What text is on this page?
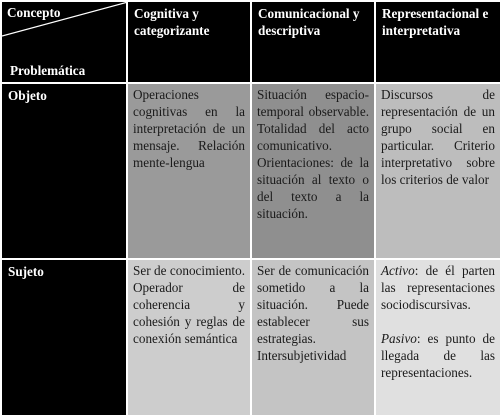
Concepto
Problemática	Cognitiva y categorizante	Comunicacional y descriptiva	Representacional e interpretativa
Objeto	Operaciones cognitivas en la interpretación de un mensaje. Relación mente-lengua	Situación espacio-temporal observable. Totalidad del acto comunicativo. Orientaciones: de la situación al texto o del texto a la situación.	Discursos de representación de un grupo social en particular. Criterio interpretativo sobre los criterios de valor
Sujeto	Ser de conocimiento. Operador de coherencia y cohesión y reglas de conexión semántica	Ser de comunicación sometido a la situación. Puede establecer sus estrategias. Intersubjetividad	Activo: de él parten las representaciones sociodiscursivas.
Pasivo: es punto de llegada de las representaciones.
